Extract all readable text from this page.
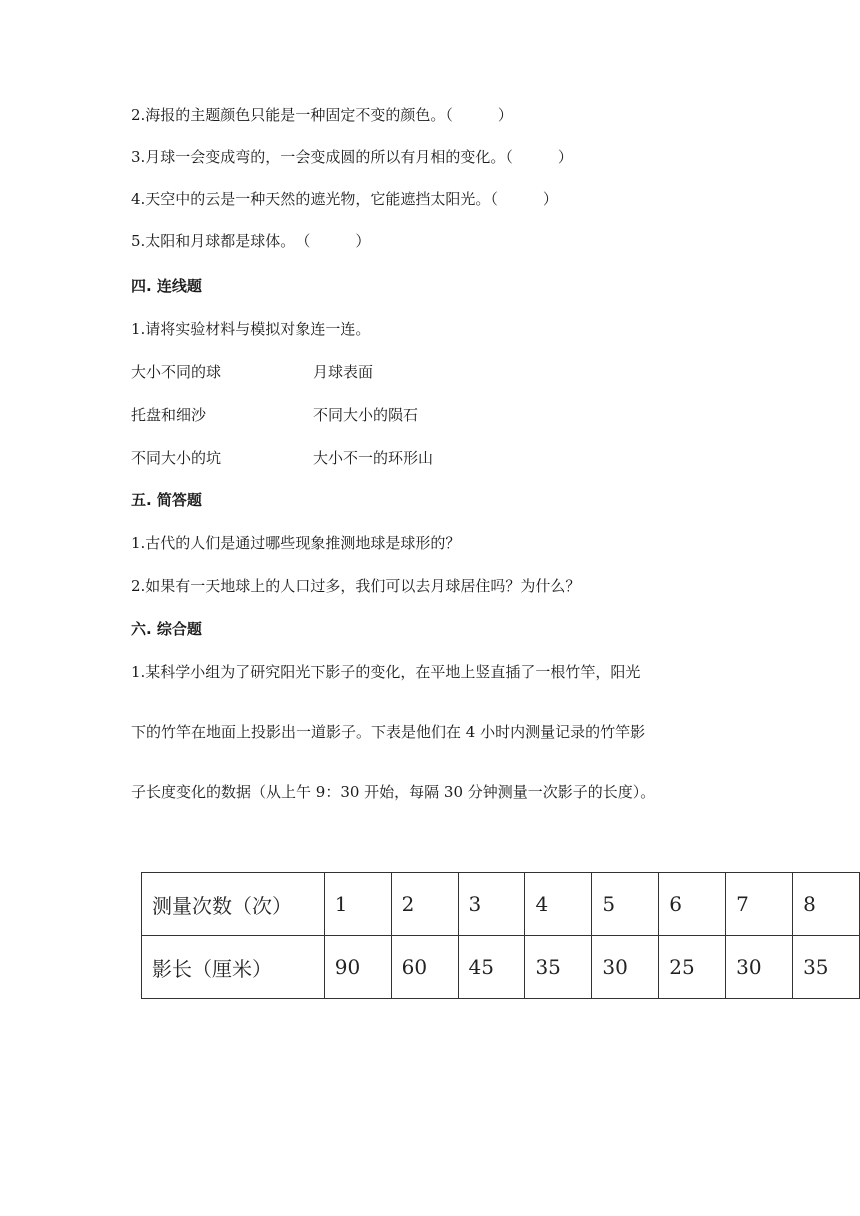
2.海报的主题颜色只能是一种固定不变的颜色。（　　　）
3.月球一会变成弯的，一会变成圆的所以有月相的变化。（　　　）
4.天空中的云是一种天然的遮光物，它能遮挡太阳光。（　　　）
5.太阳和月球都是球体。　（　　　）
四. 连线题
1.请将实验材料与模拟对象连一连。
大小不同的球	月球表面
托盘和细沙	不同大小的陨石
不同大小的坑	大小不一的环形山
五. 简答题
1.古代的人们是通过哪些现象推测地球是球形的？
2.如果有一天地球上的人口过多，我们可以去月球居住吗？为什么？
六. 综合题
1.某科学小组为了研究阳光下影子的变化，在平地上竖直插了一根竹竿，阳光
下的竹竿在地面上投影出一道影子。下表是他们在 4 小时内测量记录的竹竿影
子长度变化的数据（从上午 9：30 开始，每隔 30 分钟测量一次影子的长度）。
测量次数（次）	1	2	3	4	5	6	7	8
影长（厘米）	90	60	45	35	30	25	30	35
